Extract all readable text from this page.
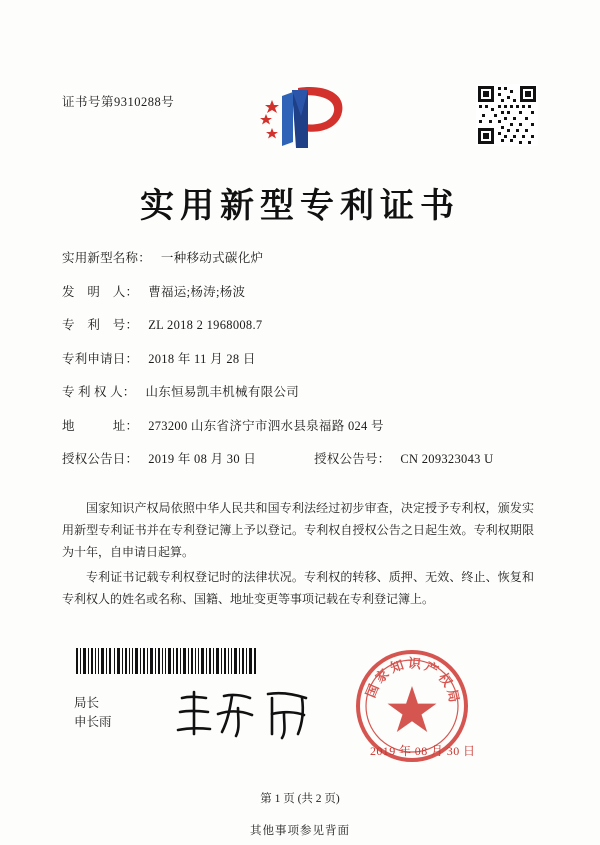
证书号第9310288号
实用新型专利证书
实用新型名称： 一种移动式碳化炉
发　明　人： 曹福运;杨涛;杨波
专　利　号： ZL 2018 2 1968008.7
专利申请日： 2018 年 11 月 28 日
专 利 权 人： 山东恒易凯丰机械有限公司
地　　　址： 273200 山东省济宁市泗水县泉福路 024 号
授权公告日： 2019 年 08 月 30 日	授权公告号： CN 209323043 U

国家知识产权局依照中华人民共和国专利法经过初步审查，决定授予专利权，颁发实用新型专利证书并在专利登记簿上予以登记。专利权自授权公告之日起生效。专利权期限为十年，自申请日起算。

专利证书记载专利权登记时的法律状况。专利权的转移、质押、无效、终止、恢复和专利权人的姓名或名称、国籍、地址变更等事项记载在专利登记簿上。

局长
申长雨
国家知识产权局
2019 年 08 月 30 日
第 1 页 (共 2 页)
其他事项参见背面
